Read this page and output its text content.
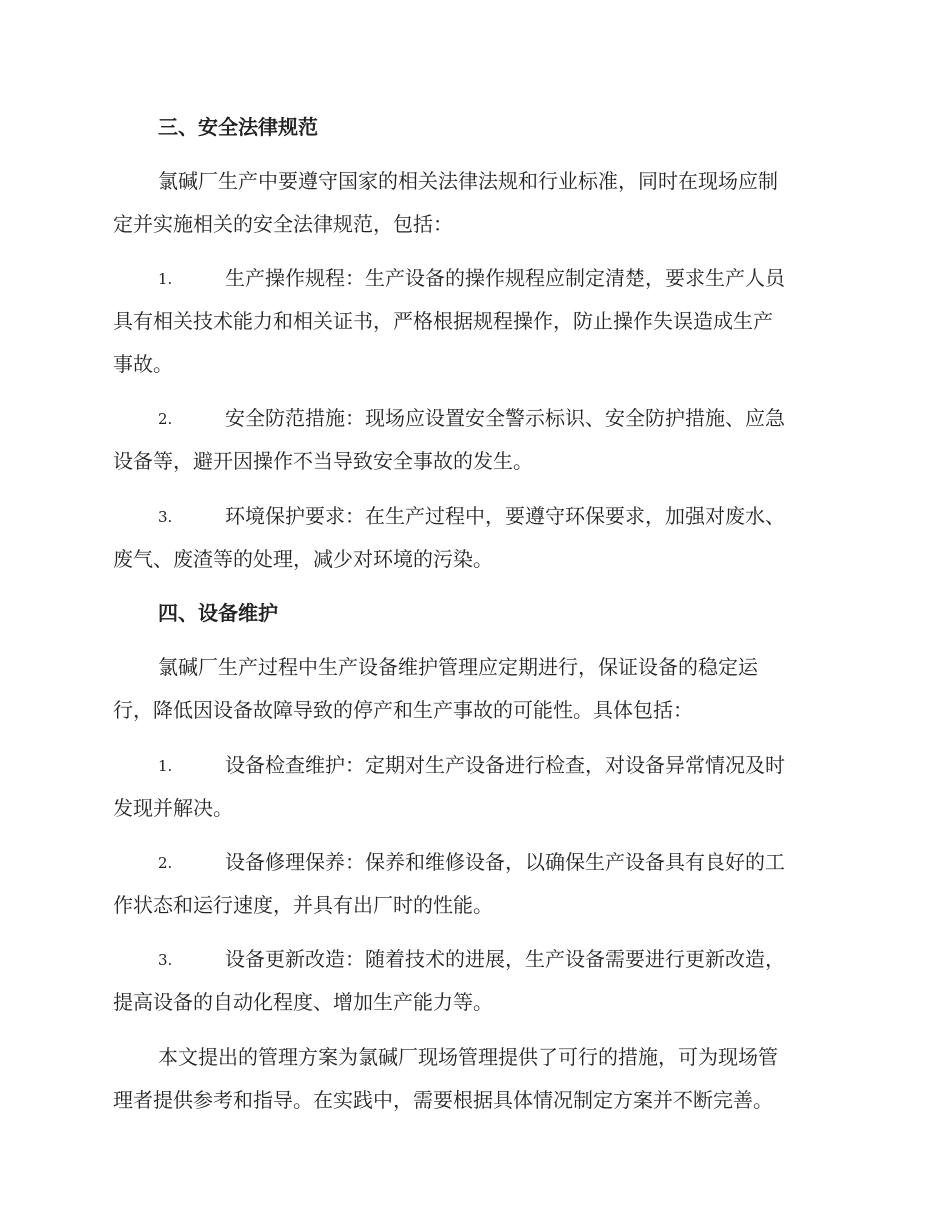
三、安全法律规范
氯碱厂生产中要遵守国家的相关法律法规和行业标准，同时在现场应制
定并实施相关的安全法律规范，包括：
1.	生产操作规程：生产设备的操作规程应制定清楚，要求生产人员
具有相关技术能力和相关证书，严格根据规程操作，防止操作失误造成生产
事故。
2.	安全防范措施：现场应设置安全警示标识、安全防护措施、应急
设备等，避开因操作不当导致安全事故的发生。
3.	环境保护要求：在生产过程中，要遵守环保要求，加强对废水、
废气、废渣等的处理，减少对环境的污染。
四、设备维护
氯碱厂生产过程中生产设备维护管理应定期进行，保证设备的稳定运
行，降低因设备故障导致的停产和生产事故的可能性。具体包括：
1.	设备检查维护：定期对生产设备进行检查，对设备异常情况及时
发现并解决。
2.	设备修理保养：保养和维修设备，以确保生产设备具有良好的工
作状态和运行速度，并具有出厂时的性能。
3.	设备更新改造：随着技术的进展，生产设备需要进行更新改造，
提高设备的自动化程度、增加生产能力等。
本文提出的管理方案为氯碱厂现场管理提供了可行的措施，可为现场管
理者提供参考和指导。在实践中，需要根据具体情况制定方案并不断完善。
